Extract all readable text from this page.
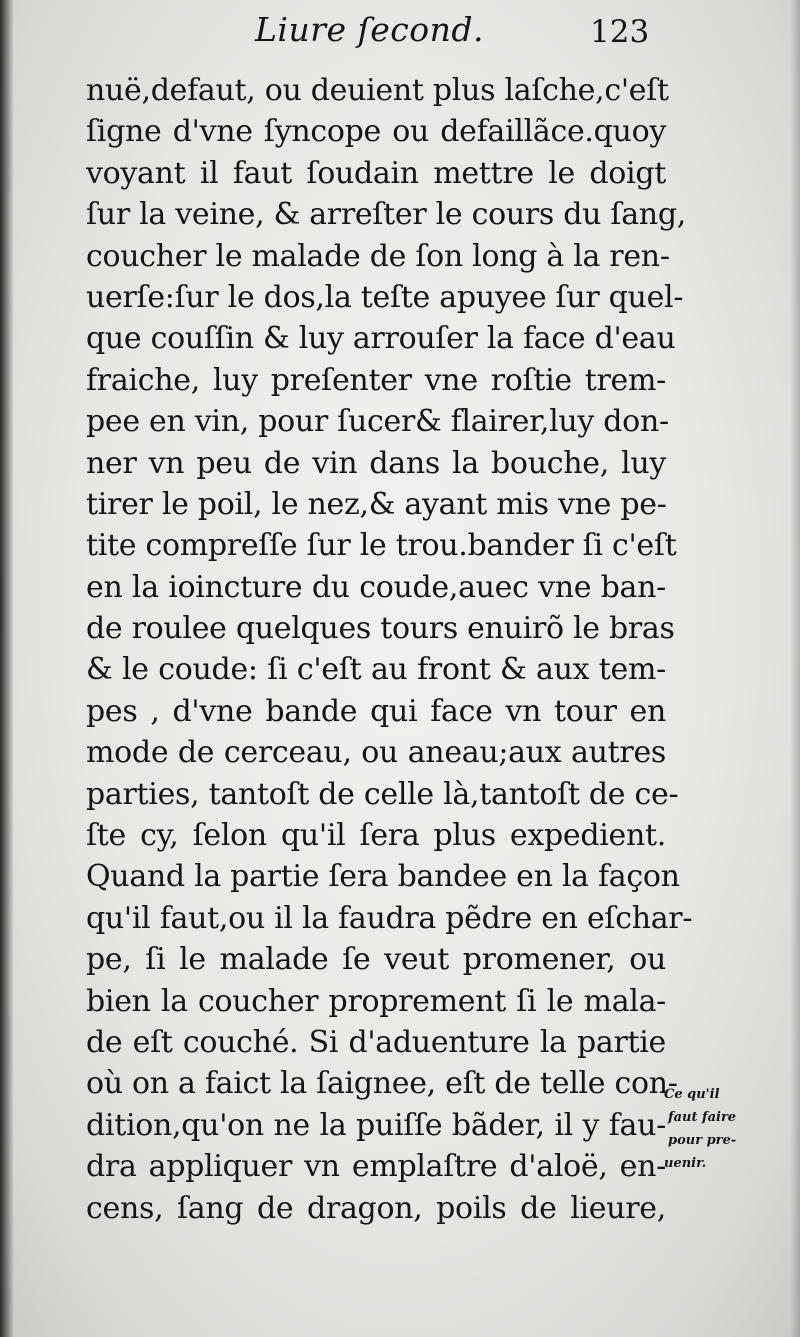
Liure ſecond.	123
nuë,defaut, ou deuient plus laſche,c'eſt
ſigne d'vne ſyncope ou defaillãce.quoy
voyant il faut ſoudain mettre le doigt
ſur la veine, & arreſter le cours du ſang,
coucher le malade de ſon long à la ren-
uerſe:ſur le dos,la teſte apuyee ſur quel-
que couſſin & luy arrouſer la face d'eau
fraiche, luy preſenter vne roſtie trem-
pee en vin, pour ſucer& flairer,luy don-
ner vn peu de vin dans la bouche, luy
tirer le poil, le nez,& ayant mis vne pe-
tite compreſſe ſur le trou.bander ſi c'eſt
en la ioincture du coude,auec vne ban-
de roulee quelques tours enuirõ le bras
& le coude: ſi c'eſt au front & aux tem-
pes , d'vne bande qui face vn tour en
mode de cerceau, ou aneau;aux autres
parties, tantoſt de celle là,tantoſt de ce-
ſte cy, ſelon qu'il ſera plus expedient.
Quand la partie ſera bandee en la façon
qu'il faut,ou il la faudra pẽdre en eſchar-
pe, ſi le malade ſe veut promener, ou
bien la coucher proprement ſi le mala-
de eſt couché. Si d'aduenture la partie
où on a faict la ſaignee, eſt de telle con-
dition,qu'on ne la puiſſe bãder, il y fau-
dra appliquer vn emplaſtre d'aloë, en-
cens, ſang de dragon, poils de lieure,
Ce qu'il
faut faire
pour pre-
uenir.
